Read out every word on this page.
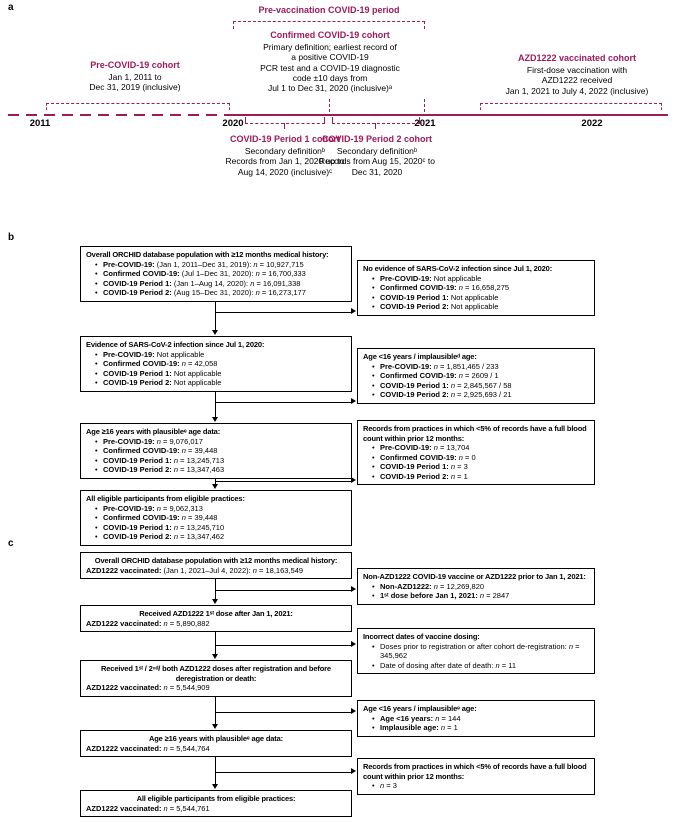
a	Pre-vaccination COVID-19 period
Confirmed COVID-19 cohort
Primary definition; earliest record of
a positive COVID-19
PCR test and a COVID-19 diagnostic
code ±10 days from
Jul 1 to Dec 31, 2020 (inclusive)ᵃ
Pre-COVID-19 cohort
Jan 1, 2011 to
Dec 31, 2019 (inclusive)
AZD1222 vaccinated cohort
First-dose vaccination with
AZD1222 received
Jan 1, 2021 to July 4, 2022 (inclusive)
2011	2020	2021	2022
COVID-19 Period 1 cohort
Secondary definitionᵇ
Records from Jan 1, 2020 up to
Aug 14, 2020 (inclusive)ᶜ
COVID-19 Period 2 cohort
Secondary definitionᵇ
Records from Aug 15, 2020ᶜ to
Dec 31, 2020
b
Overall ORCHID database population with ≥12 months medical history:
• Pre-COVID-19: (Jan 1, 2011–Dec 31, 2019): n = 10,927,715
• Confirmed COVID-19: (Jul 1–Dec 31, 2020): n = 16,700,333
• COVID-19 Period 1: (Jan 1–Aug 14, 2020): n = 16,091,338
• COVID-19 Period 2: (Aug 15–Dec 31, 2020): n = 16,273,177
No evidence of SARS-CoV-2 infection since Jul 1, 2020:
• Pre-COVID-19: Not applicable
• Confirmed COVID-19: n = 16,658,275
• COVID-19 Period 1: Not applicable
• COVID-19 Period 2: Not applicable
Evidence of SARS-CoV-2 infection since Jul 1, 2020:
• Pre-COVID-19: Not applicable
• Confirmed COVID-19: n = 42,058
• COVID-19 Period 1: Not applicable
• COVID-19 Period 2: Not applicable
Age <16 years / implausibleᵈ age:
• Pre-COVID-19: n = 1,851,465 / 233
• Confirmed COVID-19: n = 2609 / 1
• COVID-19 Period 1: n = 2,845,567 / 58
• COVID-19 Period 2: n = 2,925,693 / 21
Age ≥16 years with plausibleᵉ age data:
• Pre-COVID-19: n = 9,076,017
• Confirmed COVID-19: n = 39,448
• COVID-19 Period 1: n = 13,245,713
• COVID-19 Period 2: n = 13,347,463
Records from practices in which <5% of records have a full blood count within prior 12 months:
• Pre-COVID-19: n = 13,704
• Confirmed COVID-19: n = 0
• COVID-19 Period 1: n = 3
• COVID-19 Period 2: n = 1
All eligible participants from eligible practices:
• Pre-COVID-19: n = 9,062,313
• Confirmed COVID-19: n = 39,448
• COVID-19 Period 1: n = 13,245,710
• COVID-19 Period 2: n = 13,347,462
c
Overall ORCHID database population with ≥12 months medical history:
AZD1222 vaccinated: (Jan 1, 2021–Jul 4, 2022): n = 18,163,549
Non-AZD1222 COVID-19 vaccine or AZD1222 prior to Jan 1, 2021:
• Non-AZD1222: n = 12,269,820
• 1ˢᵗ dose before Jan 1, 2021: n = 2847
Received AZD1222 1ˢᵗ dose after Jan 1, 2021:
AZD1222 vaccinated: n = 5,890,882
Incorrect dates of vaccine dosing:
• Doses prior to registration or after cohort de-registration: n = 345,962
• Date of dosing after date of death: n = 11
Received 1ˢᵗ / 2ⁿᵈ/ both AZD1222 doses after registration and before deregistration or death:
AZD1222 vaccinated: n = 5,544,909
Age <16 years / implausibleᵉ age:
• Age <16 years: n = 144
• Implausible age: n = 1
Age ≥16 years with plausibleᵉ age data:
AZD1222 vaccinated: n = 5,544,764
Records from practices in which <5% of records have a full blood count within prior 12 months:
• n = 3
All eligible participants from eligible practices:
AZD1222 vaccinated: n = 5,544,761
